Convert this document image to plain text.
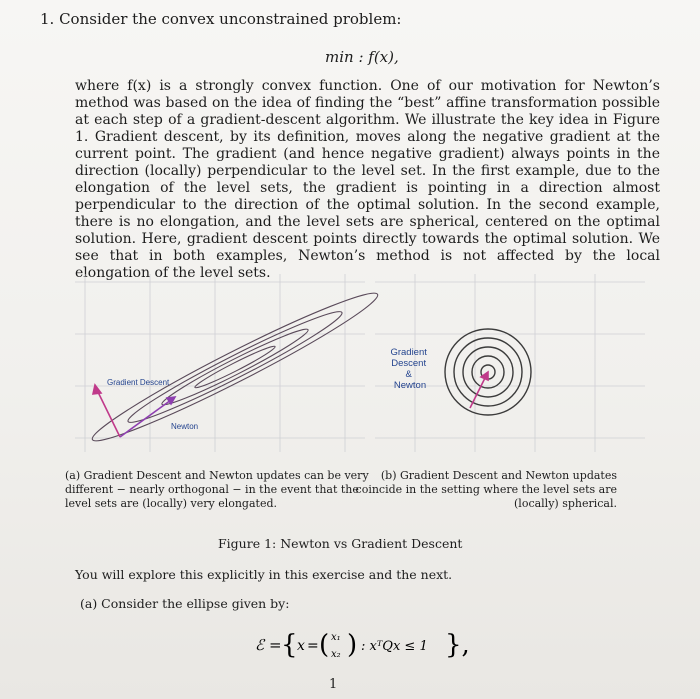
1. Consider the convex unconstrained problem:
min : f(x),
where f(x) is a strongly convex function. One of our motivation for Newton’s method was based on the idea of finding the “best” affine transformation possible at each step of a gradient-descent algorithm. We illustrate the key idea in Figure 1. Gradient descent, by its definition, moves along the negative gradient at the current point. The gradient (and hence negative gradient) always points in the direction (locally) perpendicular to the level set. In the first example, due to the elongation of the level sets, the gradient is pointing in a direction almost perpendicular to the direction of the optimal solution. In the second example, there is no elongation, and the level sets are spherical, centered on the optimal solution. Here, gradient descent points directly towards the optimal solution. We see that in both examples, Newton’s method is not affected by the local elongation of the level sets.
Gradient Descent
Newton
Gradient Descent & Newton
(a) Gradient Descent and Newton updates can be very different − nearly orthogonal − in the event that the level sets are (locally) very elongated.
(b) Gradient Descent and Newton updates coincide in the setting where the level sets are (locally) spherical.
Figure 1: Newton vs Gradient Descent
You will explore this explicitly in this exercise and the next.
(a) Consider the ellipse given by:
ℰ = { x = ( x₁
x₂ ) : xᵀQx ≤ 1 },
1
